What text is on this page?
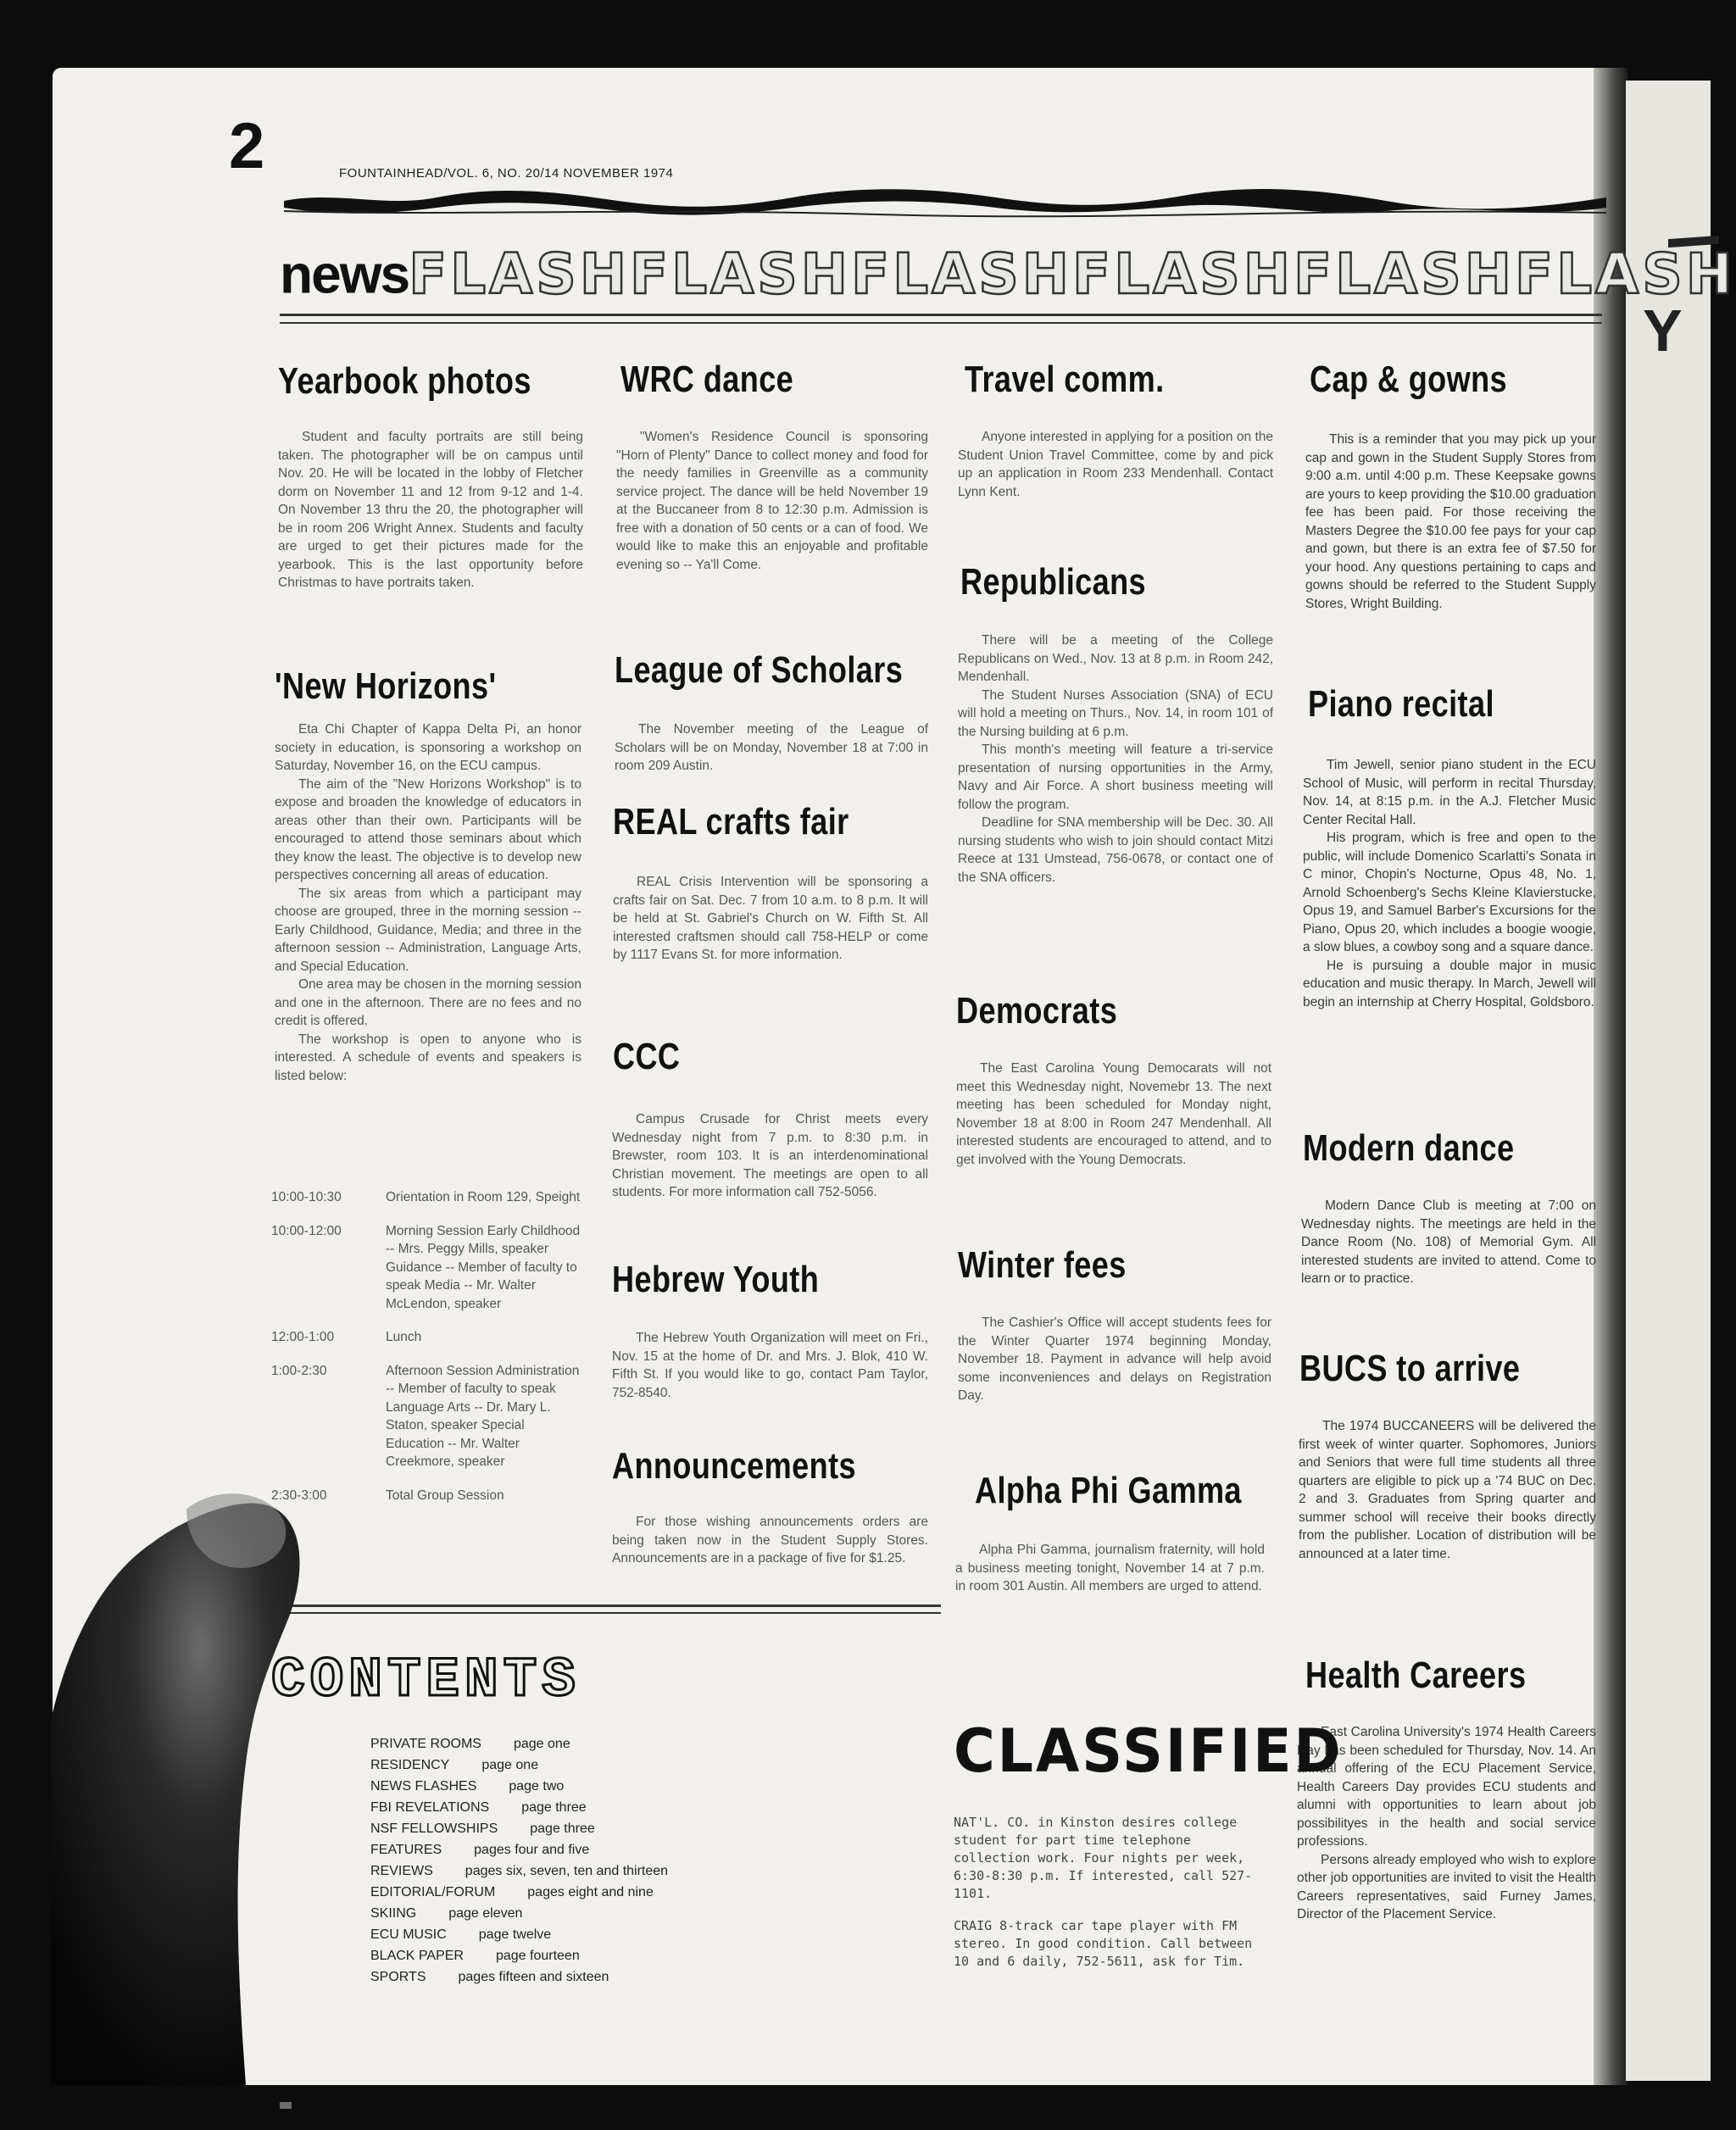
Y
2	FOUNTAINHEAD/VOL. 6, NO. 20/14 NOVEMBER 1974
newsFLASHFLASHFLASHFLASHFLASHFLASH
Yearbook photos

Student and faculty portraits are still being taken. The photographer will be on campus until Nov. 20. He will be located in the lobby of Fletcher dorm on November 11 and 12 from 9-12 and 1-4. On November 13 thru the 20, the photographer will be in room 206 Wright Annex. Students and faculty are urged to get their pictures made for the yearbook. This is the last opportunity before Christmas to have portraits taken.

'New Horizons'

Eta Chi Chapter of Kappa Delta Pi, an honor society in education, is sponsoring a workshop on Saturday, November 16, on the ECU campus.

The aim of the "New Horizons Workshop" is to expose and broaden the knowledge of educators in areas other than their own. Participants will be encouraged to attend those seminars about which they know the least. The objective is to develop new perspectives concerning all areas of education.

The six areas from which a participant may choose are grouped, three in the morning session -- Early Childhood, Guidance, Media; and three in the afternoon session -- Administration, Language Arts, and Special Education.

One area may be chosen in the morning session and one in the afternoon. There are no fees and no credit is offered.

The workshop is open to anyone who is interested. A schedule of events and speakers is listed below:

10:00-10:30	Orientation in Room 129, Speight
10:00-12:00	Morning Session Early Childhood -- Mrs. Peggy Mills, speaker Guidance -- Member of faculty to speak Media -- Mr. Walter McLendon, speaker
12:00-1:00	Lunch
1:00-2:30	Afternoon Session Administration -- Member of faculty to speak Language Arts -- Dr. Mary L. Staton, speaker Special Education -- Mr. Walter Creekmore, speaker
2:30-3:00	Total Group Session
WRC dance

"Women's Residence Council is sponsoring "Horn of Plenty" Dance to collect money and food for the needy families in Greenville as a community service project. The dance will be held November 19 at the Buccaneer from 8 to 12:30 p.m. Admission is free with a donation of 50 cents or a can of food. We would like to make this an enjoyable and profitable evening so -- Ya'll Come.

League of Scholars

The November meeting of the League of Scholars will be on Monday, November 18 at 7:00 in room 209 Austin.

REAL crafts fair

REAL Crisis Intervention will be sponsoring a crafts fair on Sat. Dec. 7 from 10 a.m. to 8 p.m. It will be held at St. Gabriel's Church on W. Fifth St. All interested craftsmen should call 758-HELP or come by 1117 Evans St. for more information.

CCC

Campus Crusade for Christ meets every Wednesday night from 7 p.m. to 8:30 p.m. in Brewster, room 103. It is an interdenominational Christian movement. The meetings are open to all students. For more information call 752-5056.

Hebrew Youth

The Hebrew Youth Organization will meet on Fri., Nov. 15 at the home of Dr. and Mrs. J. Blok, 410 W. Fifth St. If you would like to go, contact Pam Taylor, 752-8540.

Announcements

For those wishing announcements orders are being taken now in the Student Supply Stores. Announcements are in a package of five for $1.25.

Travel comm.

Anyone interested in applying for a position on the Student Union Travel Committee, come by and pick up an application in Room 233 Mendenhall. Contact Lynn Kent.

Republicans

There will be a meeting of the College Republicans on Wed., Nov. 13 at 8 p.m. in Room 242, Mendenhall.

The Student Nurses Association (SNA) of ECU will hold a meeting on Thurs., Nov. 14, in room 101 of the Nursing building at 6 p.m.

This month's meeting will feature a tri-service presentation of nursing opportunities in the Army, Navy and Air Force. A short business meeting will follow the program.

Deadline for SNA membership will be Dec. 30. All nursing students who wish to join should contact Mitzi Reece at 131 Umstead, 756-0678, or contact one of the SNA officers.

Democrats

The East Carolina Young Democarats will not meet this Wednesday night, Novemebr 13. The next meeting has been scheduled for Monday night, November 18 at 8:00 in Room 247 Mendenhall. All interested students are encouraged to attend, and to get involved with the Young Democrats.

Winter fees

The Cashier's Office will accept students fees for the Winter Quarter 1974 beginning Monday, November 18. Payment in advance will help avoid some inconveniences and delays on Registration Day.

Alpha Phi Gamma

Alpha Phi Gamma, journalism fraternity, will hold a business meeting tonight, November 14 at 7 p.m. in room 301 Austin. All members are urged to attend.

Cap & gowns

This is a reminder that you may pick up your cap and gown in the Student Supply Stores from 9:00 a.m. until 4:00 p.m. These Keepsake gowns are yours to keep providing the $10.00 graduation fee has been paid. For those receiving the Masters Degree the $10.00 fee pays for your cap and gown, but there is an extra fee of $7.50 for your hood. Any questions pertaining to caps and gowns should be referred to the Student Supply Stores, Wright Building.

Piano recital

Tim Jewell, senior piano student in the ECU School of Music, will perform in recital Thursday, Nov. 14, at 8:15 p.m. in the A.J. Fletcher Music Center Recital Hall.

His program, which is free and open to the public, will include Domenico Scarlatti's Sonata in C minor, Chopin's Nocturne, Opus 48, No. 1, Arnold Schoenberg's Sechs Kleine Klavierstucke, Opus 19, and Samuel Barber's Excursions for the Piano, Opus 20, which includes a boogie woogie, a slow blues, a cowboy song and a square dance.

He is pursuing a double major in music education and music therapy. In March, Jewell will begin an internship at Cherry Hospital, Goldsboro.

Modern dance

Modern Dance Club is meeting at 7:00 on Wednesday nights. The meetings are held in the Dance Room (No. 108) of Memorial Gym. All interested students are invited to attend. Come to learn or to practice.

BUCS to arrive

The 1974 BUCCANEERS will be delivered the first week of winter quarter. Sophomores, Juniors and Seniors that were full time students all three quarters are eligible to pick up a '74 BUC on Dec. 2 and 3. Graduates from Spring quarter and summer school will receive their books directly from the publisher. Location of distribution will be announced at a later time.

Health Careers

East Carolina University's 1974 Health Careers Day has been scheduled for Thursday, Nov. 14. An annual offering of the ECU Placement Service, Health Careers Day provides ECU students and alumni with opportunities to learn about job possibilityes in the health and social service professions.

Persons already employed who wish to explore other job opportunities are invited to visit the Health Careers representatives, said Furney James, Director of the Placement Service.

CONTENTS
PRIVATE ROOMS page one
RESIDENCY page one
NEWS FLASHES page two
FBI REVELATIONS page three
NSF FELLOWSHIPS page three
FEATURES pages four and five
REVIEWS pages six, seven, ten and thirteen
EDITORIAL/FORUM pages eight and nine
SKIING page eleven
ECU MUSIC page twelve
BLACK PAPER page fourteen
SPORTS pages fifteen and sixteen
CLASSIFIED
NAT'L. CO. in Kinston desires college student for part time telephone collection work. Four nights per week, 6:30-8:30 p.m. If interested, call 527-1101.
CRAIG 8-track car tape player with FM stereo. In good condition. Call between 10 and 6 daily, 752-5611, ask for Tim.
